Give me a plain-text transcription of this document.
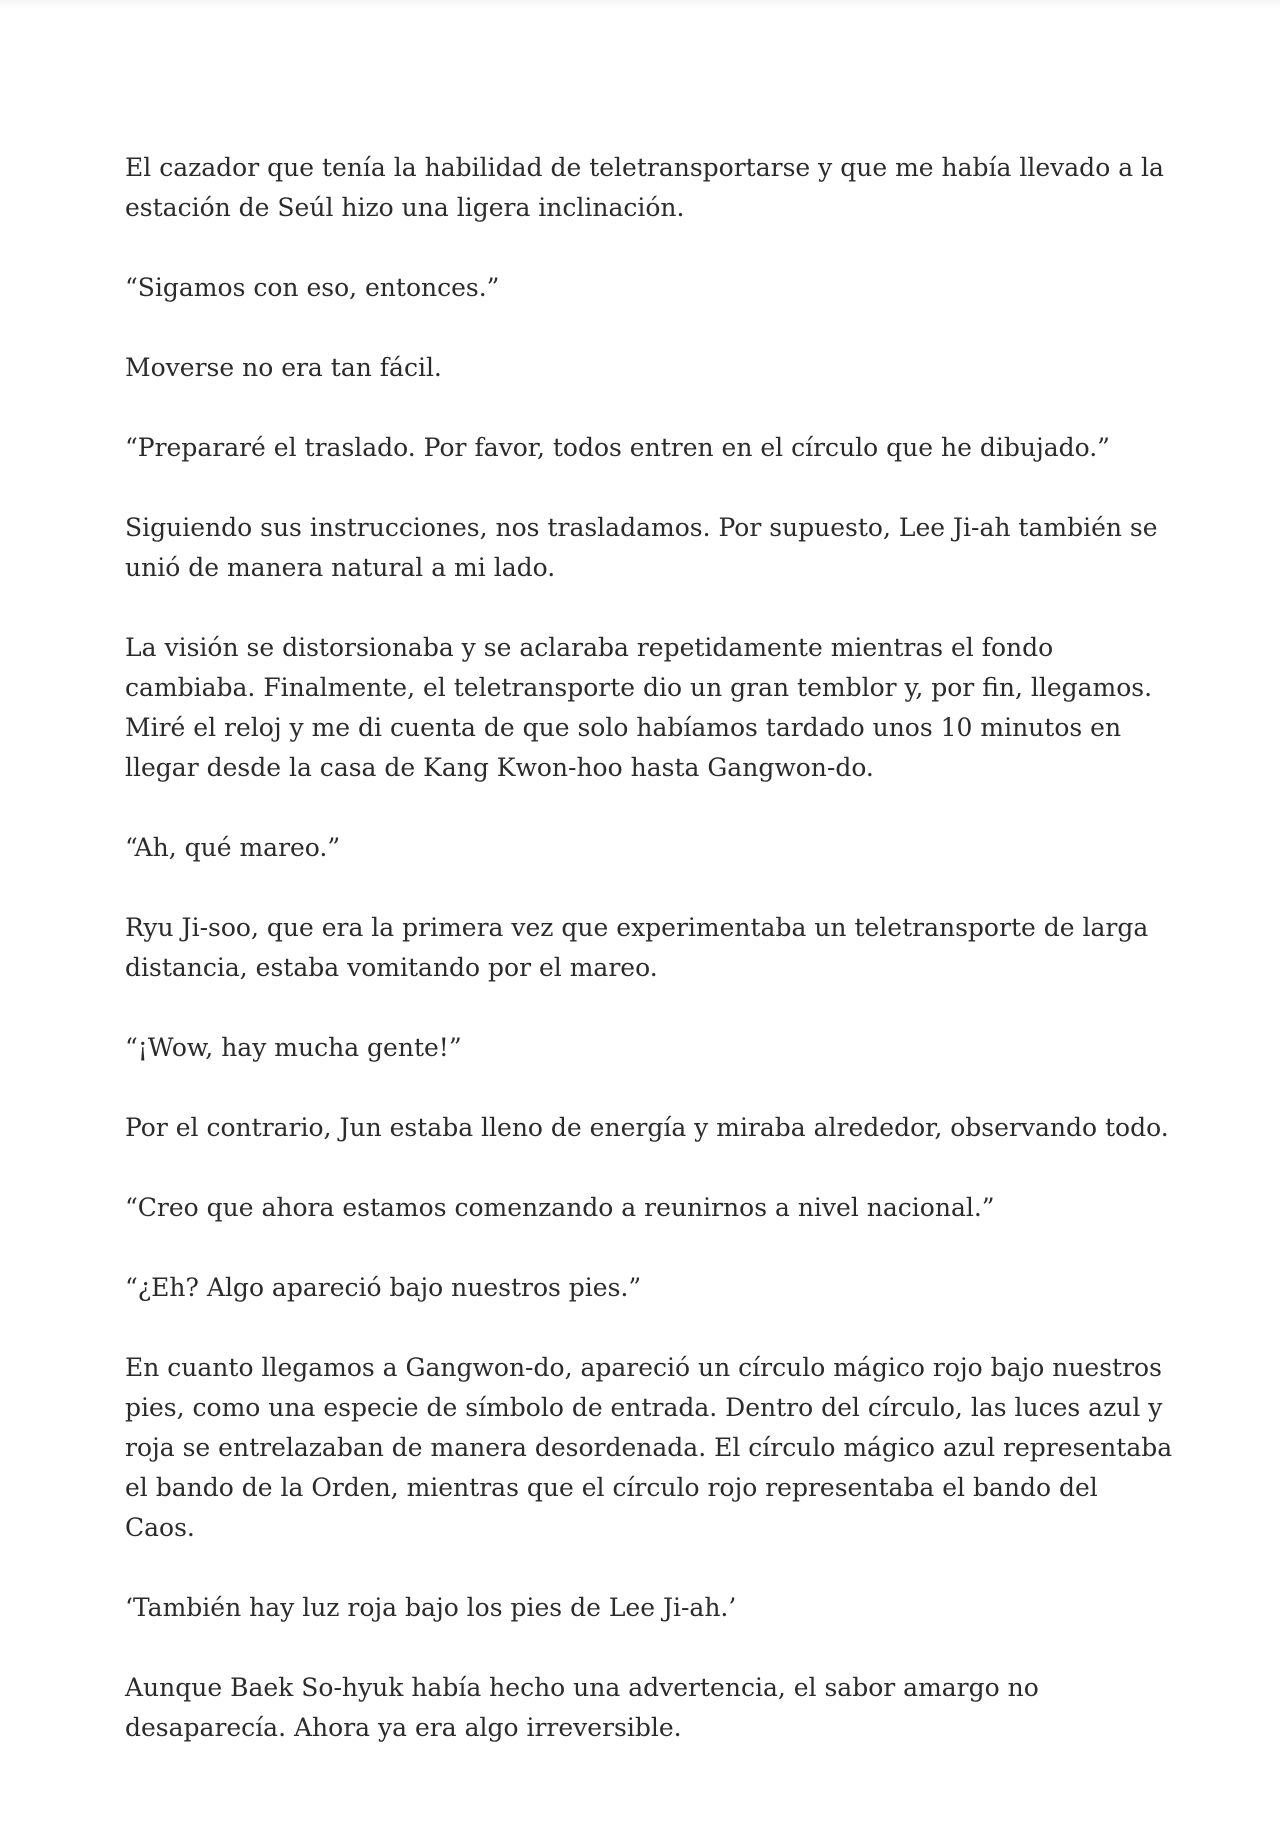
El cazador que tenía la habilidad de teletransportarse y que me había llevado a la estación de Seúl hizo una ligera inclinación.

“Sigamos con eso, entonces.”

Moverse no era tan fácil.

“Prepararé el traslado. Por favor, todos entren en el círculo que he dibujado.”

Siguiendo sus instrucciones, nos trasladamos. Por supuesto, Lee Ji-ah también se unió de manera natural a mi lado.

La visión se distorsionaba y se aclaraba repetidamente mientras el fondo cambiaba. Finalmente, el teletransporte dio un gran temblor y, por fin, llegamos. Miré el reloj y me di cuenta de que solo habíamos tardado unos 10 minutos en llegar desde la casa de Kang Kwon-hoo hasta Gangwon-do.

“Ah, qué mareo.”

Ryu Ji-soo, que era la primera vez que experimentaba un teletransporte de larga distancia, estaba vomitando por el mareo.

“¡Wow, hay mucha gente!”

Por el contrario, Jun estaba lleno de energía y miraba alrededor, observando todo.

“Creo que ahora estamos comenzando a reunirnos a nivel nacional.”

“¿Eh? Algo apareció bajo nuestros pies.”

En cuanto llegamos a Gangwon-do, apareció un círculo mágico rojo bajo nuestros pies, como una especie de símbolo de entrada. Dentro del círculo, las luces azul y roja se entrelazaban de manera desordenada. El círculo mágico azul representaba el bando de la Orden, mientras que el círculo rojo representaba el bando del Caos.

‘También hay luz roja bajo los pies de Lee Ji-ah.’

Aunque Baek So-hyuk había hecho una advertencia, el sabor amargo no desaparecía. Ahora ya era algo irreversible.
